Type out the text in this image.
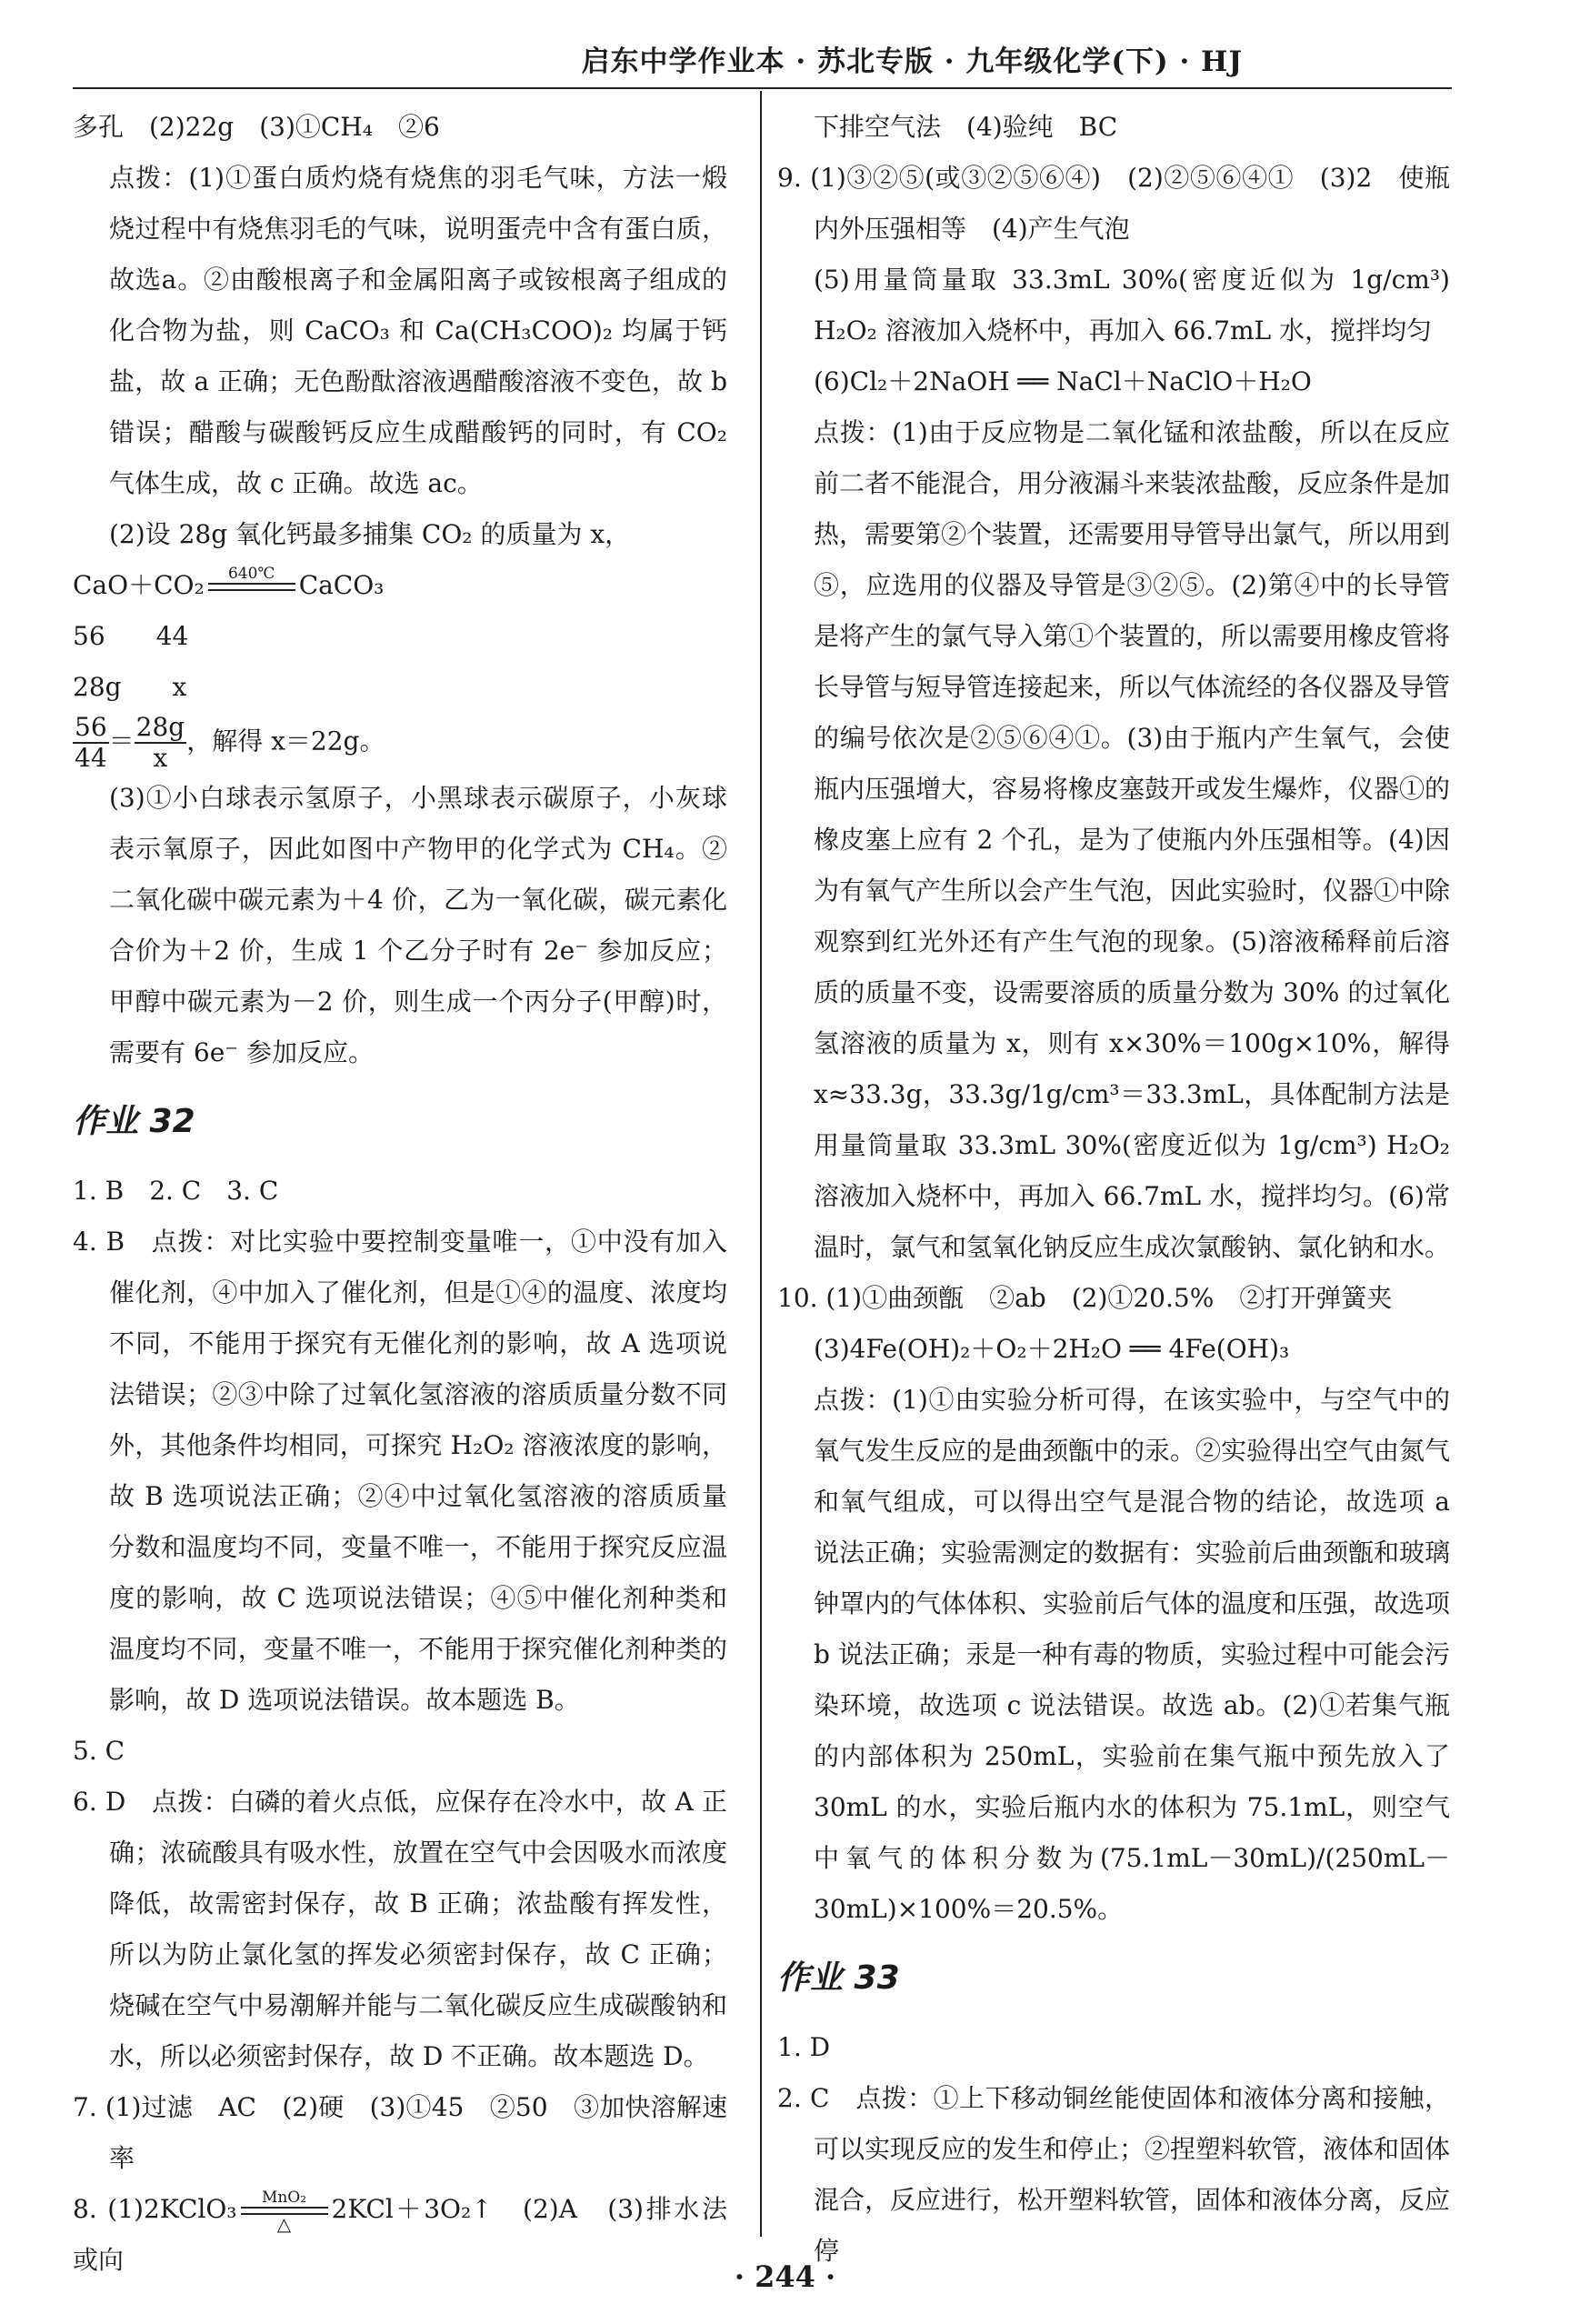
启东中学作业本 · 苏北专版 · 九年级化学(下) · HJ

多孔　(2)22g　(3)①CH₄　②6

点拨：(1)①蛋白质灼烧有烧焦的羽毛气味，方法一煅烧过程中有烧焦羽毛的气味，说明蛋壳中含有蛋白质，故选a。②由酸根离子和金属阳离子或铵根离子组成的化合物为盐，则 CaCO₃ 和 Ca(CH₃COO)₂ 均属于钙盐，故 a 正确；无色酚酞溶液遇醋酸溶液不变色，故 b 错误；醋酸与碳酸钙反应生成醋酸钙的同时，有 CO₂ 气体生成，故 c 正确。故选 ac。

(2)设 28g 氧化钙最多捕集 CO₂ 的质量为 x，

CaO＋CO₂	640℃ CaCO₃

56　　44

28g　　x

$\frac{56}{44} = \frac{28g}{x}$ ，解得 x＝22g。

(3)①小白球表示氢原子，小黑球表示碳原子，小灰球表示氧原子，因此如图中产物甲的化学式为 CH₄。②二氧化碳中碳元素为＋4 价，乙为一氧化碳，碳元素化合价为＋2 价，生成 1 个乙分子时有 2e⁻ 参加反应；甲醇中碳元素为－2 价，则生成一个丙分子(甲醇)时，需要有 6e⁻ 参加反应。

作业 32

1. B　2. C　3. C

4. B　点拨：对比实验中要控制变量唯一，①中没有加入催化剂，④中加入了催化剂，但是①④的温度、浓度均不同，不能用于探究有无催化剂的影响，故 A 选项说法错误；②③中除了过氧化氢溶液的溶质质量分数不同外，其他条件均相同，可探究 H₂O₂ 溶液浓度的影响，故 B 选项说法正确；②④中过氧化氢溶液的溶质质量分数和温度均不同，变量不唯一，不能用于探究反应温度的影响，故 C 选项说法错误；④⑤中催化剂种类和温度均不同，变量不唯一，不能用于探究催化剂种类的影响，故 D 选项说法错误。故本题选 B。

5. C

6. D　点拨：白磷的着火点低，应保存在冷水中，故 A 正确；浓硫酸具有吸水性，放置在空气中会因吸水而浓度降低，故需密封保存，故 B 正确；浓盐酸有挥发性，所以为防止氯化氢的挥发必须密封保存，故 C 正确；烧碱在空气中易潮解并能与二氧化碳反应生成碳酸钠和水，所以必须密封保存，故 D 不正确。故本题选 D。

7. (1)过滤　AC　(2)硬　(3)①45　②50　③加快溶解速率

8. (1)2KClO₃	MnO₂
△	2KCl＋3O₂↑　(2)A　(3)排水法或向

下排空气法　(4)验纯　BC

9. (1)③②⑤(或③②⑤⑥④)　(2)②⑤⑥④①　(3)2　使瓶内外压强相等　(4)产生气泡

(5)用量筒量取 33.3mL 30%(密度近似为 1g/cm³) H₂O₂ 溶液加入烧杯中，再加入 66.7mL 水，搅拌均匀

(6)Cl₂＋2NaOH ══ NaCl＋NaClO＋H₂O

点拨：(1)由于反应物是二氧化锰和浓盐酸，所以在反应前二者不能混合，用分液漏斗来装浓盐酸，反应条件是加热，需要第②个装置，还需要用导管导出氯气，所以用到⑤，应选用的仪器及导管是③②⑤。(2)第④中的长导管是将产生的氯气导入第①个装置的，所以需要用橡皮管将长导管与短导管连接起来，所以气体流经的各仪器及导管的编号依次是②⑤⑥④①。(3)由于瓶内产生氧气，会使瓶内压强增大，容易将橡皮塞鼓开或发生爆炸，仪器①的橡皮塞上应有 2 个孔，是为了使瓶内外压强相等。(4)因为有氧气产生所以会产生气泡，因此实验时，仪器①中除观察到红光外还有产生气泡的现象。(5)溶液稀释前后溶质的质量不变，设需要溶质的质量分数为 30% 的过氧化氢溶液的质量为 x，则有 x×30%＝100g×10%，解得 x≈33.3g，33.3g/1g/cm³＝33.3mL，具体配制方法是用量筒量取 33.3mL 30%(密度近似为 1g/cm³) H₂O₂ 溶液加入烧杯中，再加入 66.7mL 水，搅拌均匀。(6)常温时，氯气和氢氧化钠反应生成次氯酸钠、氯化钠和水。

10. (1)①曲颈甑　②ab　(2)①20.5%　②打开弹簧夹

(3)4Fe(OH)₂＋O₂＋2H₂O ══ 4Fe(OH)₃

点拨：(1)①由实验分析可得，在该实验中，与空气中的氧气发生反应的是曲颈甑中的汞。②实验得出空气由氮气和氧气组成，可以得出空气是混合物的结论，故选项 a 说法正确；实验需测定的数据有：实验前后曲颈甑和玻璃钟罩内的气体体积、实验前后气体的温度和压强，故选项 b 说法正确；汞是一种有毒的物质，实验过程中可能会污染环境，故选项 c 说法错误。故选 ab。(2)①若集气瓶的内部体积为 250mL，实验前在集气瓶中预先放入了 30mL 的水，实验后瓶内水的体积为 75.1mL，则空气中氧气的体积分数为(75.1mL－30mL)/(250mL－30mL)×100%＝20.5%。

作业 33

1. D

2. C　点拨：①上下移动铜丝能使固体和液体分离和接触，可以实现反应的发生和停止；②捏塑料软管，液体和固体混合，反应进行，松开塑料软管，固体和液体分离，反应停

· 244 ·
